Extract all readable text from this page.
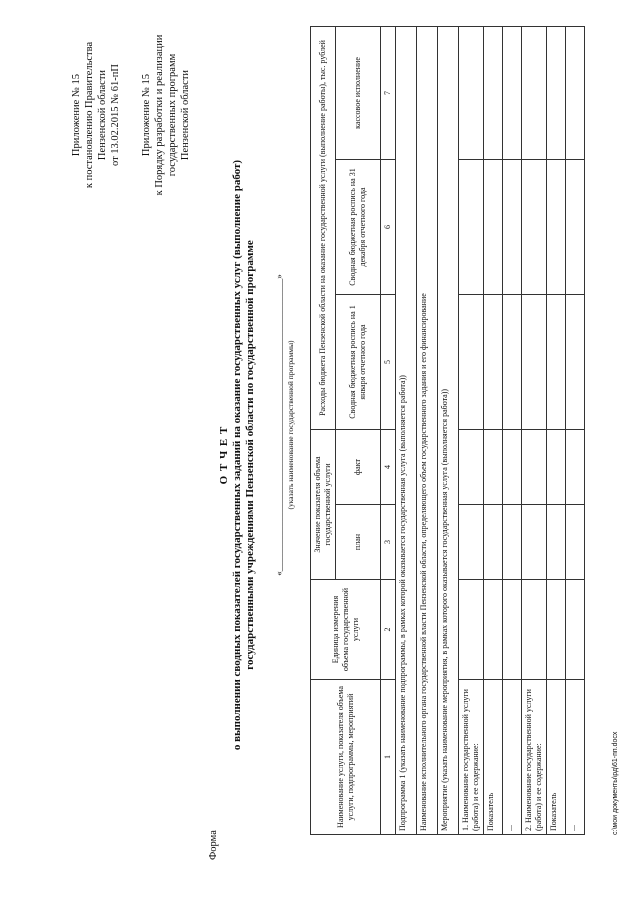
Приложение № 15 к постановлению Правительства Пензенской области от 13.02.2015 № 61-пП Приложение № 15 к Порядку разработки и реализации государственных программ Пензенской области
Форма
О Т Ч Е Т о выполнении сводных показателей государственных заданий на оказание государственных услуг (выполнение работ) государственными учреждениями Пензенской области по государственной программе «_________________________________________________________________» (указать наименование государственной программы)
Наименование услуги, показателя объема услуги, подпрограммы, мероприятий	Единица измерения объема государственной услуги	Значение показателя объема государственной услуги		Расходы бюджета Пензенской области на оказание государственной услуги (выполнение работы), тыс. рублей		
		план	факт	Сводная бюджетная роспись на 1 января отчетного года	Сводная бюджетная роспись на 31 декабря отчетного года	кассовое исполнение
1	2	3	4	5	6	7
Подпрограмма 1 (указать наименование подпрограммы, в рамках которой оказывается государственная услуга (выполняется работа))						
Наименование исполнительного органа государственной власти Пензенской области, определяющего объем государственного задания и его финансирование						
Мероприятие (указать наименование мероприятия, в рамках которого оказывается государственная услуга (выполняется работа))						
1. Наименование государственной услуги (работа) и ее содержание:						
Показатель						
...						
2. Наименование государственной услуги (работа) и ее содержание:						
Показатель						
...							c:\мои документы\рд\61-пп.docx
